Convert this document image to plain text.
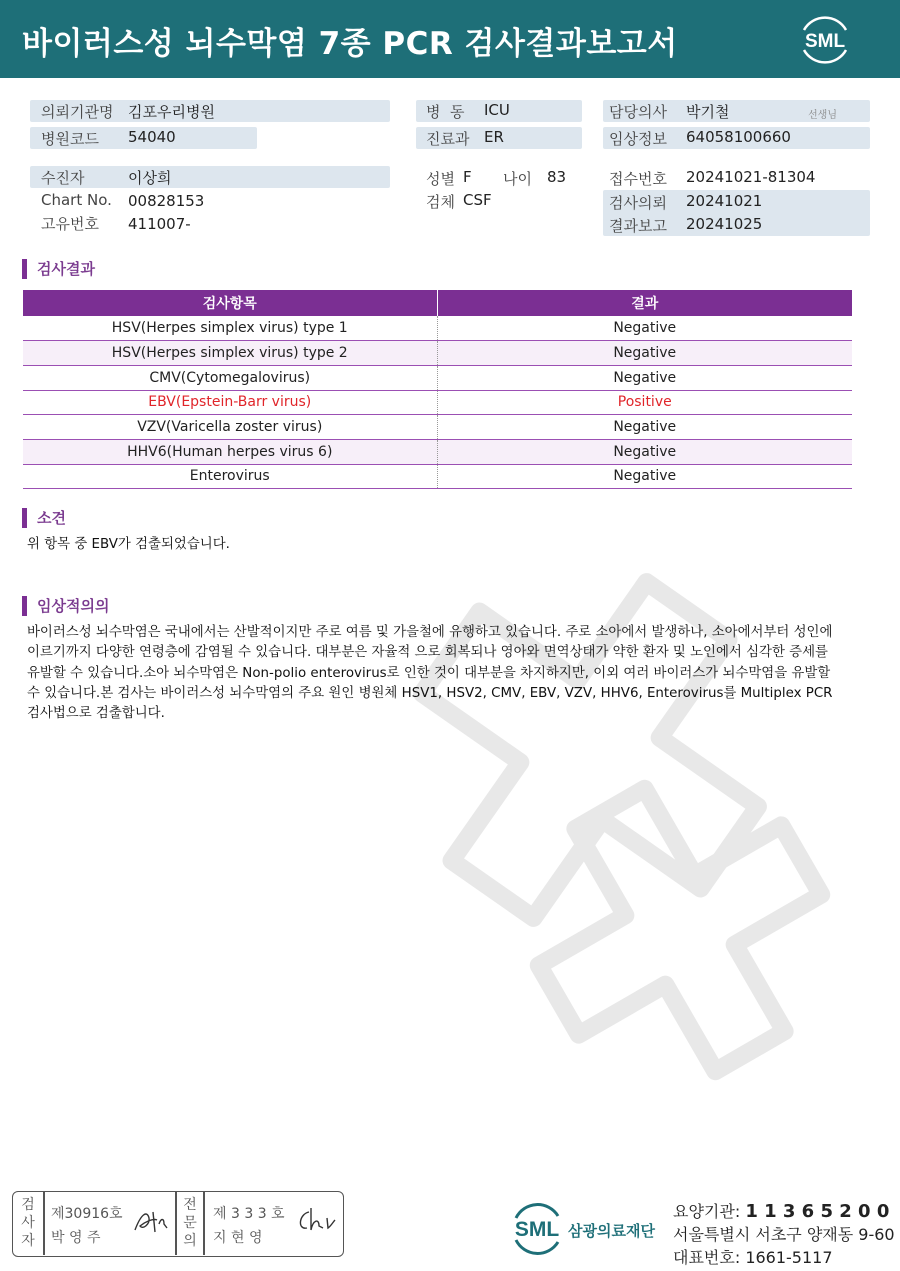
바이러스성 뇌수막염 7종 PCR 검사결과보고서	SML
의뢰기관명 김포우리병원
병원코드 54040
병  동 ICU
진료과 ER
담당의사 박기철	선생님
임상정보 64058100660
수진자	이상희
Chart No. 00828153
고유번호 411007-
성별 F 나이 83
검체 CSF
접수번호 20241021-81304
검사의뢰 20241021
결과보고 20241025
검사결과
검사항목	결과
HSV(Herpes simplex virus) type 1	Negative
HSV(Herpes simplex virus) type 2	Negative
CMV(Cytomegalovirus)	Negative
EBV(Epstein-Barr virus)	Positive
VZV(Varicella zoster virus)	Negative
HHV6(Human herpes virus 6)	Negative
Enterovirus	Negative
소견
위 항목 중 EBV가 검출되었습니다.
임상적의의
바이러스성 뇌수막염은 국내에서는 산발적이지만 주로 여름 및 가을철에 유행하고 있습니다. 주로 소아에서 발생하나, 소아에서부터 성인에
이르기까지 다양한 연령층에 감염될 수 있습니다. 대부분은 자율적 으로 회복되나 영아와 면역상태가 약한 환자 및 노인에서 심각한 증세를
유발할 수 있습니다.소아 뇌수막염은 Non-polio enterovirus로 인한 것이 대부분을 차지하지만, 이외 여러 바이러스가 뇌수막염을 유발할
수 있습니다.본 검사는 바이러스성 뇌수막염의 주요 원인 병원체 HSV1, HSV2, CMV, EBV, VZV, HHV6, Enterovirus를 Multiplex PCR
검사법으로 검출합니다.
검
사
자
제30916호
박 영 주
전
문
의
제 3 3 3 호
지 현 영	SML 삼광의료재단
요양기관: 1 1 3 6 5 2 0 0
서울특별시 서초구 양재동 9-60
대표번호: 1661-5117
